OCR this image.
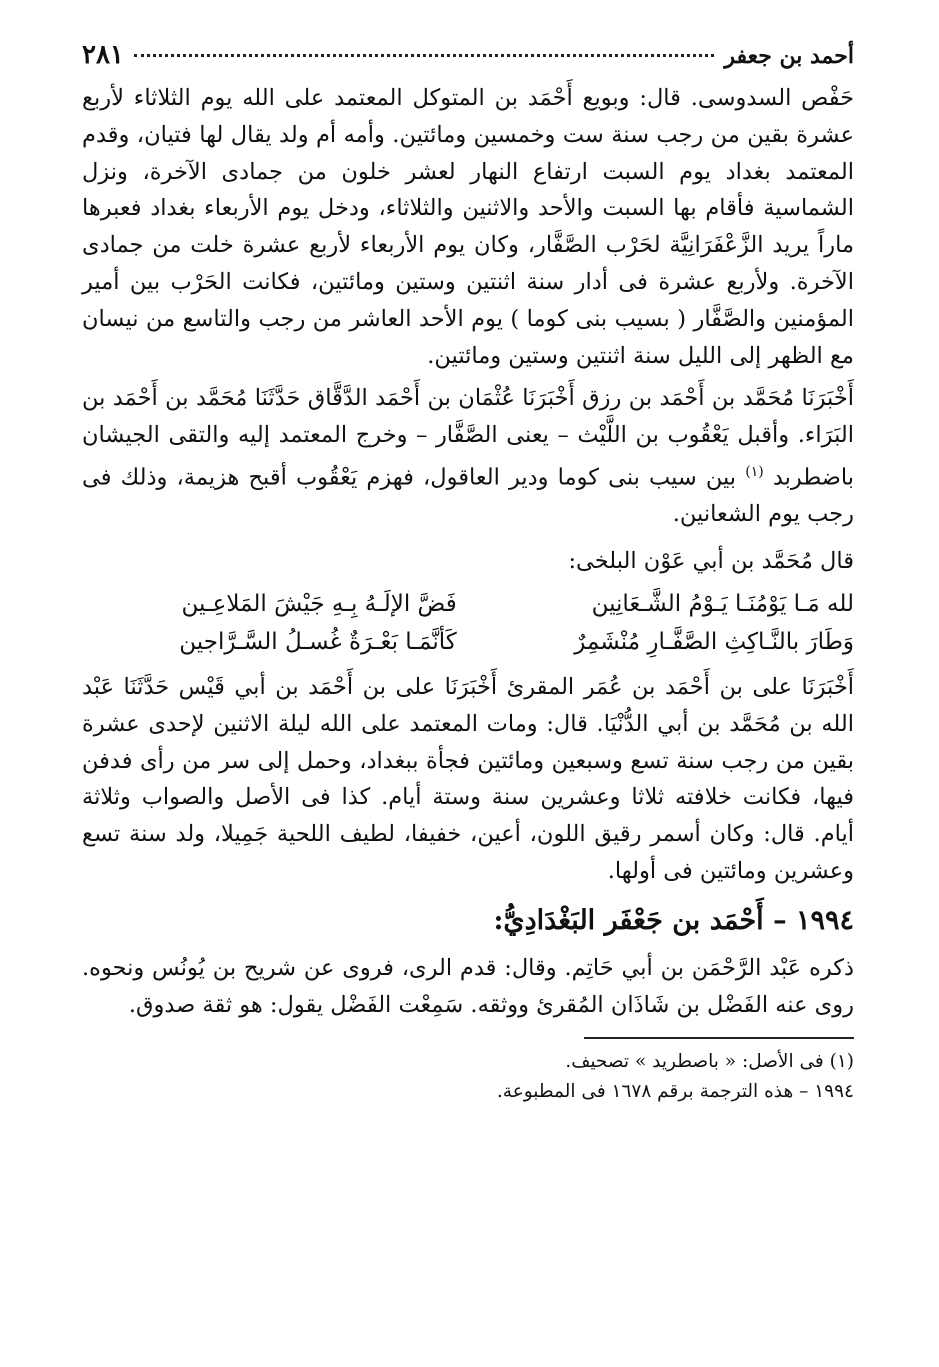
أحمد بن جعفر
٢٨١

حَفْص السدوسى. قال: وبويع أَحْمَد بن المتوكل المعتمد على الله يوم الثلاثاء لأربع عشرة بقين من رجب سنة ست وخمسين ومائتين. وأمه أم ولد يقال لها فتيان، وقدم المعتمد بغداد يوم السبت ارتفاع النهار لعشر خلون من جمادى الآخرة، ونزل الشماسية فأقام بها السبت والأحد والاثنين والثلاثاء، ودخل يوم الأربعاء بغداد فعبرها ماراً يريد الزَّعْفَرَانِيَّة لحَرْب الصَّفَّار، وكان يوم الأربعاء لأربع عشرة خلت من جمادى الآخرة. ولأربع عشرة فى أدار سنة اثنتين وستين ومائتين، فكانت الحَرْب بين أمير المؤمنين والصَّفَّار ( بسيب بنى كوما ) يوم الأحد العاشر من رجب والتاسع من نيسان مع الظهر إلى الليل سنة اثنتين وستين ومائتين.

أَخْبَرَنَا مُحَمَّد بن أَحْمَد بن رزق أَخْبَرَنَا عُثْمَان بن أَحْمَد الدَّقَّاق حَدَّثَنَا مُحَمَّد بن أَحْمَد بن البَرَاء. وأقبل يَعْقُوب بن اللَّيْث – يعنى الصَّفَّار – وخرج المعتمد إليه والتقى الجيشان باضطربد $^{(١)}$ بين سيب بنى كوما ودير العاقول، فهزم يَعْقُوب أقبح هزيمة، وذلك فى رجب يوم الشعانين.

قال مُحَمَّد بن أبي عَوْن البلخى:

لله مَـا يَوْمُنَـا يَـوْمُ الشَّـعَانِين
فَضَّ الإلَـهُ بِـهِ جَيْشَ المَلاعِـين
وَطَارَ بالنَّـاكِثِ الصَّفَّـارِ مُنْشَمِرٌ
كَأنَّمَـا بَعْـرَةٌ غُسـلُ السَّـرَّاجين

أَخْبَرَنَا على بن أَحْمَد بن عُمَر المقرئ أَخْبَرَنَا على بن أَحْمَد بن أبي قَيْس حَدَّثَنَا عَبْد الله بن مُحَمَّد بن أبي الدُّنْيَا. قال: ومات المعتمد على الله ليلة الاثنين لإحدى عشرة بقين من رجب سنة تسع وسبعين ومائتين فجأة ببغداد، وحمل إلى سر من رأى فدفن فيها، فكانت خلافته ثلاثا وعشرين سنة وستة أيام. كذا فى الأصل والصواب وثلاثة أيام. قال: وكان أسمر رقيق اللون، أعين، خفيفا، لطيف اللحية جَمِيلا، ولد سنة تسع وعشرين ومائتين فى أولها.

١٩٩٤ – أَحْمَد بن جَعْفَر البَغْدَادِيُّ:

ذكره عَبْد الرَّحْمَن بن أبي حَاتِم. وقال: قدم الرى، فروى عن شريح بن يُونُس ونحوه. روى عنه الفَضْل بن شَاذَان المُقرئ ووثقه. سَمِعْت الفَضْل يقول: هو ثقة صدوق.

(١) فى الأصل: « باصطريد » تصحيف.
١٩٩٤ – هذه الترجمة برقم ١٦٧٨ فى المطبوعة.
